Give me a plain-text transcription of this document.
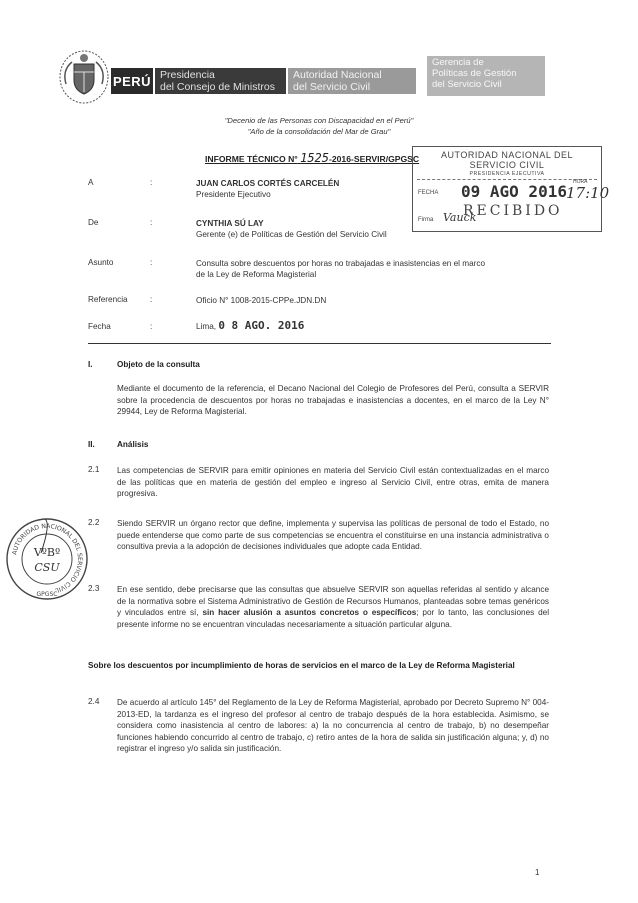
PERÚ Presidencia
del Consejo de Ministros
Autoridad Nacional
del Servicio Civil
Gerencia de
Políticas de Gestión
del Servicio Civil
"Decenio de las Personas con Discapacidad en el Perú"
"Año de la consolidación del Mar de Grau"
INFORME TÉCNICO N° 1525-2016-SERVIR/GPGSC	AUTORIDAD NACIONAL DEL
SERVICIO CIVIL
PRESIDENCIA EJECUTIVA
FECHA 09 AGO 2016 HORA
17:10
RECIBIDO
Firma Vauck
A	:	JUAN CARLOS CORTÉS CARCELÉN
Presidente Ejecutivo
De	:	CYNTHIA SÚ LAY
Gerente (e) de Políticas de Gestión del Servicio Civil
Asunto	:	Consulta sobre descuentos por horas no trabajadas e inasistencias en el marco
de la Ley de Reforma Magisterial
Referencia	:	Oficio N° 1008-2015-CPPe.JDN.DN
Fecha	:	Lima, 0 8 AGO. 2016
I.	Objeto de la consulta
Mediante el documento de la referencia, el Decano Nacional del Colegio de Profesores del Perú, consulta a SERVIR sobre la procedencia de descuentos por horas no trabajadas e inasistencias a docentes, en el marco de la Ley N° 29944, Ley de Reforma Magisterial.
II.	Análisis
2.1 Las competencias de SERVIR para emitir opiniones en materia del Servicio Civil están contextualizadas en el marco de las políticas que en materia de gestión del empleo e ingreso al Servicio Civil, entre otras, emita de manera progresiva.
2.2 Siendo SERVIR un órgano rector que define, implementa y supervisa las políticas de personal de todo el Estado, no puede entenderse que como parte de sus competencias se encuentra el constituirse en una instancia administrativa o consultiva previa a la adopción de decisiones individuales que adopte cada Entidad.
2.3 En ese sentido, debe precisarse que las consultas que absuelve SERVIR son aquellas referidas al sentido y alcance de la normativa sobre el Sistema Administrativo de Gestión de Recursos Humanos, planteadas sobre temas genéricos y vinculados entre sí, sin hacer alusión a asuntos concretos o específicos; por lo tanto, las conclusiones del presente informe no se encuentran vinculadas necesariamente a situación particular alguna.
Sobre los descuentos por incumplimiento de horas de servicios en el marco de la Ley de Reforma Magisterial
2.4 De acuerdo al artículo 145° del Reglamento de la Ley de Reforma Magisterial, aprobado por Decreto Supremo N° 004-2013-ED, la tardanza es el ingreso del profesor al centro de trabajo después de la hora establecida. Asimismo, se considera como inasistencia al centro de labores: a) la no concurrencia al centro de trabajo, b) no desempeñar funciones habiendo concurrido al centro de trabajo, c) retiro antes de la hora de salida sin justificación alguna; y, d) no registrar el ingreso y/o salida sin justificación.
1
AUTORIDAD NACIONAL DEL SERVICIO CIVIL
VºBº
CSU
GPGSC
